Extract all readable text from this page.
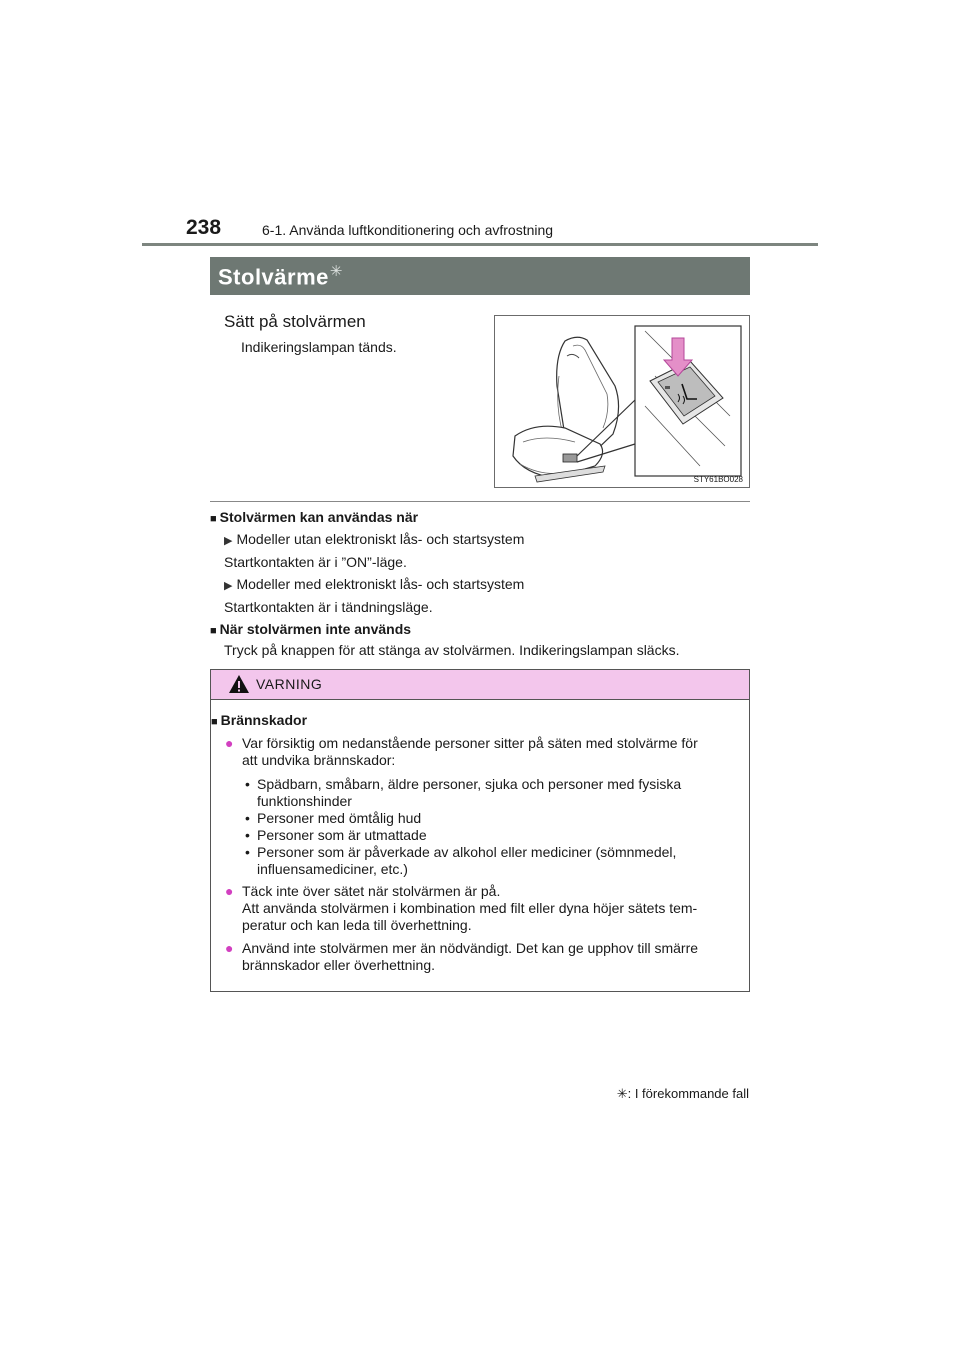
238	6-1. Använda luftkonditionering och avfrostning
Stolvärme✳
Sätt på stolvärmen
Indikeringslampan tänds.
STY61BO028
■ Stolvärmen kan användas när
▶ Modeller utan elektroniskt lås- och startsystem
Startkontakten är i ”ON”-läge.
▶ Modeller med elektroniskt lås- och startsystem
Startkontakten är i tändningsläge.
■ När stolvärmen inte används
Tryck på knappen för att stänga av stolvärmen. Indikeringslampan släcks.
VARNING
■ Brännskador
● Var försiktig om nedanstående personer sitter på säten med stolvärme för
att undvika brännskador:
• Spädbarn, småbarn, äldre personer, sjuka och personer med fysiska
funktionshinder
• Personer med ömtålig hud
• Personer som är utmattade
• Personer som är påverkade av alkohol eller mediciner (sömnmedel,
influensamediciner, etc.)
● Täck inte över sätet när stolvärmen är på.
Att använda stolvärmen i kombination med filt eller dyna höjer sätets tem-
peratur och kan leda till överhettning.
● Använd inte stolvärmen mer än nödvändigt. Det kan ge upphov till smärre
brännskador eller överhettning.
✳: I förekommande fall
